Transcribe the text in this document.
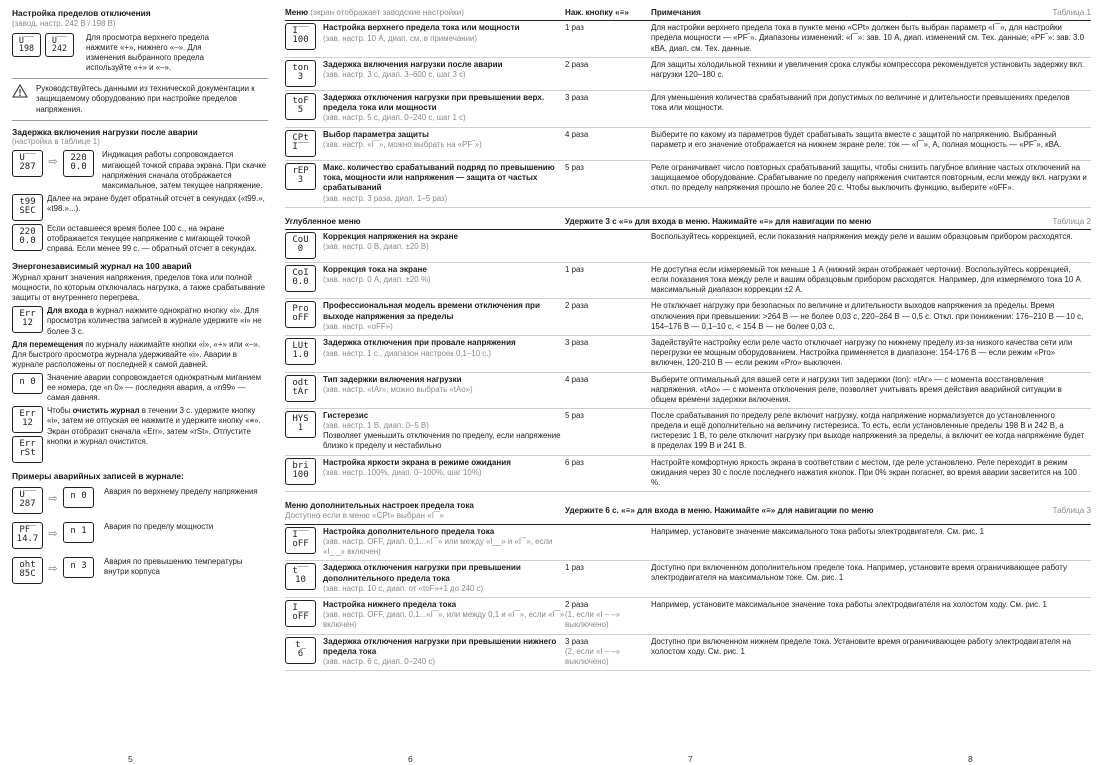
Настройка пределов отключения
(завод. настр. 242 В / 198 В)
U‾‾
198
U‾‾
242
Для просмотра верхнего предела нажмите «+», нижнего «–». Для изменения выбранного предела используйте «+» и «–».
Руководствуйтесь данными из технической документации к защищаемому оборудованию при настройке пределов напряжения.
Задержка включения нагрузки после аварии
(настройка в таблице 1)
U‾‾
287	⇨	220
0.0
Индикация работы сопровождается мигающей точкой справа экрана. При скачке напряжения сначала отображается максимальное, затем текущее напряжение.
t99
SEC
Далее на экране будет обратный отсчет в секундах («t99.», «t98.»...).
220
0.0
Если оставшееся время более 100 с., на экране отображается текущее напряжение с мигающей точкой справа. Если менее 99 с. — обратный отсчет в секундах.
Энергонезависимый журнал на 100 аварий

Журнал хранит значения напряжения, пределов тока или полной мощности, по которым отключалась нагрузка, а также срабатывание защиты от внутреннего перегрева.

Err
12
Для входа в журнал нажмите однократно кнопку «i». Для просмотра количества записей в журнале удержите «i» не более 3 с.

Для перемещения по журналу нажимайте кнопки «i», «+» или «–». Для быстрого просмотра журнала удерживайте «i». Аварии в журнале расположены от последней к самой давней.

n 0	Значение аварии сопровождается однократным миганием ее номера, где «n 0» — последняя авария, а «n99» — самая давняя.
Err
12
Err
rSt
Чтобы очистить журнал в течении 3 с. удержите кнопку «i», затем не отпуская ее нажмите и удержите кнопку «≡». Экран отобразит сначала «Err», затем «rSt». Отпустите кнопки и журнал очистится.
Примеры аварийных записей в журнале:
U‾‾
287	⇨	n 0	Авария по верхнему пределу напряжения
PF‾
14.7 ⇨	n 1	Авария по пределу мощности
oht
85C	⇨	n 3	Авария по превышению температуры внутри корпуса
Меню (экран отображает заводские настройки)	Наж. кнопку «≡»	Примечания	Таблица 1
I‾‾
100
Настройка верхнего предела тока или мощности
(зав. настр. 10 А, диап. см. в примечании)
1 раз	Для настройки верхнего предела тока в пункте меню «CPt» должен быть выбран параметр «I‾‾», для настройки предела мощности — «PF‾». Диапазоны изменений: «I‾‾»: зав. 10 А, диап. изменений см. Тех. данные; «PF‾»: зав. 3.0 кВА, диап. см. Тех. данные.
ton
3
Задержка включения нагрузки после аварии
(зав. настр. 3 с, диап. 3–600 с, шаг 3 с)
2 раза	Для защиты холодильной техники и увеличения срока службы компрессора рекомендуется установить задержку вкл. нагрузки 120–180 с.
toF
5
Задержка отключения нагрузки при превышении верх. предела тока или мощности
(зав. настр. 5 с, диап. 0–240 с, шаг 1 с)
3 раза	Для уменьшения количества срабатываний при допустимых по величине и длительности превышениях пределов тока или мощности.
CPt
I‾‾
Выбор параметра защиты
(зав. настр. «I‾‾», можно выбрать на «PF‾»)
4 раза	Выберите по какому из параметров будет срабатывать защита вместе с защитой по напряжению. Выбранный параметр и его значение отображается на нижнем экране реле: ток — «I‾‾», А, полная мощность — «PF‾», кВА.
rEP
3
Макс. количество срабатываний подряд по превышению тока, мощности или напряжения — защита от частых срабатываний
(зав. настр. 3 раза, диап. 1–5 раз)
5 раз	Реле ограничивает число повторных срабатываний защиты, чтобы снизить пагубное влияние частых отключений на защищаемое оборудование. Срабатывание по пределу напряжения считается повторным, если между вкл. нагрузки и откл. по пределу напряжения прошло не более 20 с. Чтобы выключить функцию, выберите «oFF».
Углубленное меню	Удержите 3 с «≡» для входа в меню. Нажимайте «≡» для навигации по меню	Таблица 2
CoU
0
Коррекция напряжения на экране
(зав. настр. 0 В, диап. ±20 В)
Воспользуйтесь коррекцией, если показания напряжения между реле и вашим образцовым прибором расходятся.
CoI
0.0
Коррекция тока на экране
(зав. настр. 0 А, диап. ±20 %)
1 раз	Не доступна если измеряемый ток меньше 1 А (нижний экран отображает черточки). Воспользуйтесь коррекцией, если показания тока между реле и вашим образцовым прибором расходятся. Например, для измеряемого тока 10 А максимальный диапазон коррекции ±2 А.
Pro
oFF
Профессиональная модель времени отключения при выходе напряжения за пределы
(зав. настр. «oFF»)
2 раза	Не отключает нагрузку при безопасных по величине и длительности выходов напряжения за пределы. Время отключения при превышении: >264 В — не более 0,03 с, 220–264 В — 0,5 с. Откл. при понижении: 176–210 В — 10 с, 154–176 В — 0,1–10 с, < 154 В — не более 0,03 с.
LUt
1.0
Задержка отключения при провале напряжения
(зав. настр. 1 с., диапазон настроек 0,1–10 с.)
3 раза	Задействуйте настройку если реле часто отключает нагрузку по нижнему пределу из-за низкого качества сети или перегрузки ее мощным оборудованием. Настройка применяется в диапазоне: 154-176 В — если режим «Pro» включен, 120-210 В — если режим «Pro» выключен.
odt
tAr
Тип задержки включения нагрузки
(зав. настр. «tAr», можно выбрать «tAo»)
4 раза	Выберите оптимальный для вашей сети и нагрузки тип задержки (ton): «tAr» — с момента восстановления напряжения. «tAo» — с момента отключения реле, позволяет учитывать время действия аварийной ситуации в общем времени задержки включения.
HYS
1
Гистерезис
(зав. настр. 1 В, диап. 0–5 В)
Позволяет уменьшить отключения по пределу, если напряжение близко к пределу и нестабильно
5 раз	После срабатывания по пределу реле включит нагрузку, когда напряжение нормализуется до установленного предела и ещё дополнительно на величину гистерезиса. То есть, если установленные пределы 198 В и 242 В, а гистерезис 1 В, то реле отключит нагрузку при выходе напряжения за пределы, а включит ее когда напряжение будет в пределах 199 В и 241 В.
bri
100
Настройка яркости экрана в режиме ожидания
(зав. настр. 100%, диап. 0–100%, шаг 10%)
6 раз	Настройте комфортную яркость экрана в соответствии с местом, где реле установлено. Реле переходит в режим ожидания через 30 с после последнего нажатия кнопок. При 0% экран погаснет, во время аварии засветится на 100 %.
Меню дополнительных настроек предела тока
Доступно если в меню «CPt» выбран «I‾‾»
Удержите 6 с. «≡» для входа в меню. Нажимайте «≡» для навигации по меню	Таблица 3
I‾‾
oFF
Настройка дополнительного предела тока
(зав. настр. OFF, диап. 0,1...«I‾‾» или между «I__» и «I‾‾», если «I_ _» включен)
Например, установите значение максимального тока работы электродвигателя. См. рис. 1
t‾‾
10
Задержка отключения нагрузки при превышении дополнительного предела тока
(зав. настр. 10 с, диап. от «toF»+1 до 240 с)
1 раз	Доступно при включенном дополнительном пределе тока. Например, установите время ограничивающее работу электродвигателя на максимальном токе. См. рис. 1
I__
oFF
Настройка нижнего предела тока
(зав. настр. OFF, диап. 0,1...«I‾‾», или между 0,1 и «I‾‾», если «I‾‾» включен)
2 раза
(1, если «I – –» выключено)
Например, установите максимальное значение тока работы электродвигателя на холостом ходу. См. рис. 1
t_
6
Задержка отключения нагрузки при превышении нижнего предела тока
(зав. настр. 6 с, диап. 0–240 с)
3 раза
(2, если «I – –» выключено)
Доступно при включенном нижнем пределе тока. Установите время ограничивающее работу электродвигателя на холостом ходу. См. рис. 1
5	6	7	8
